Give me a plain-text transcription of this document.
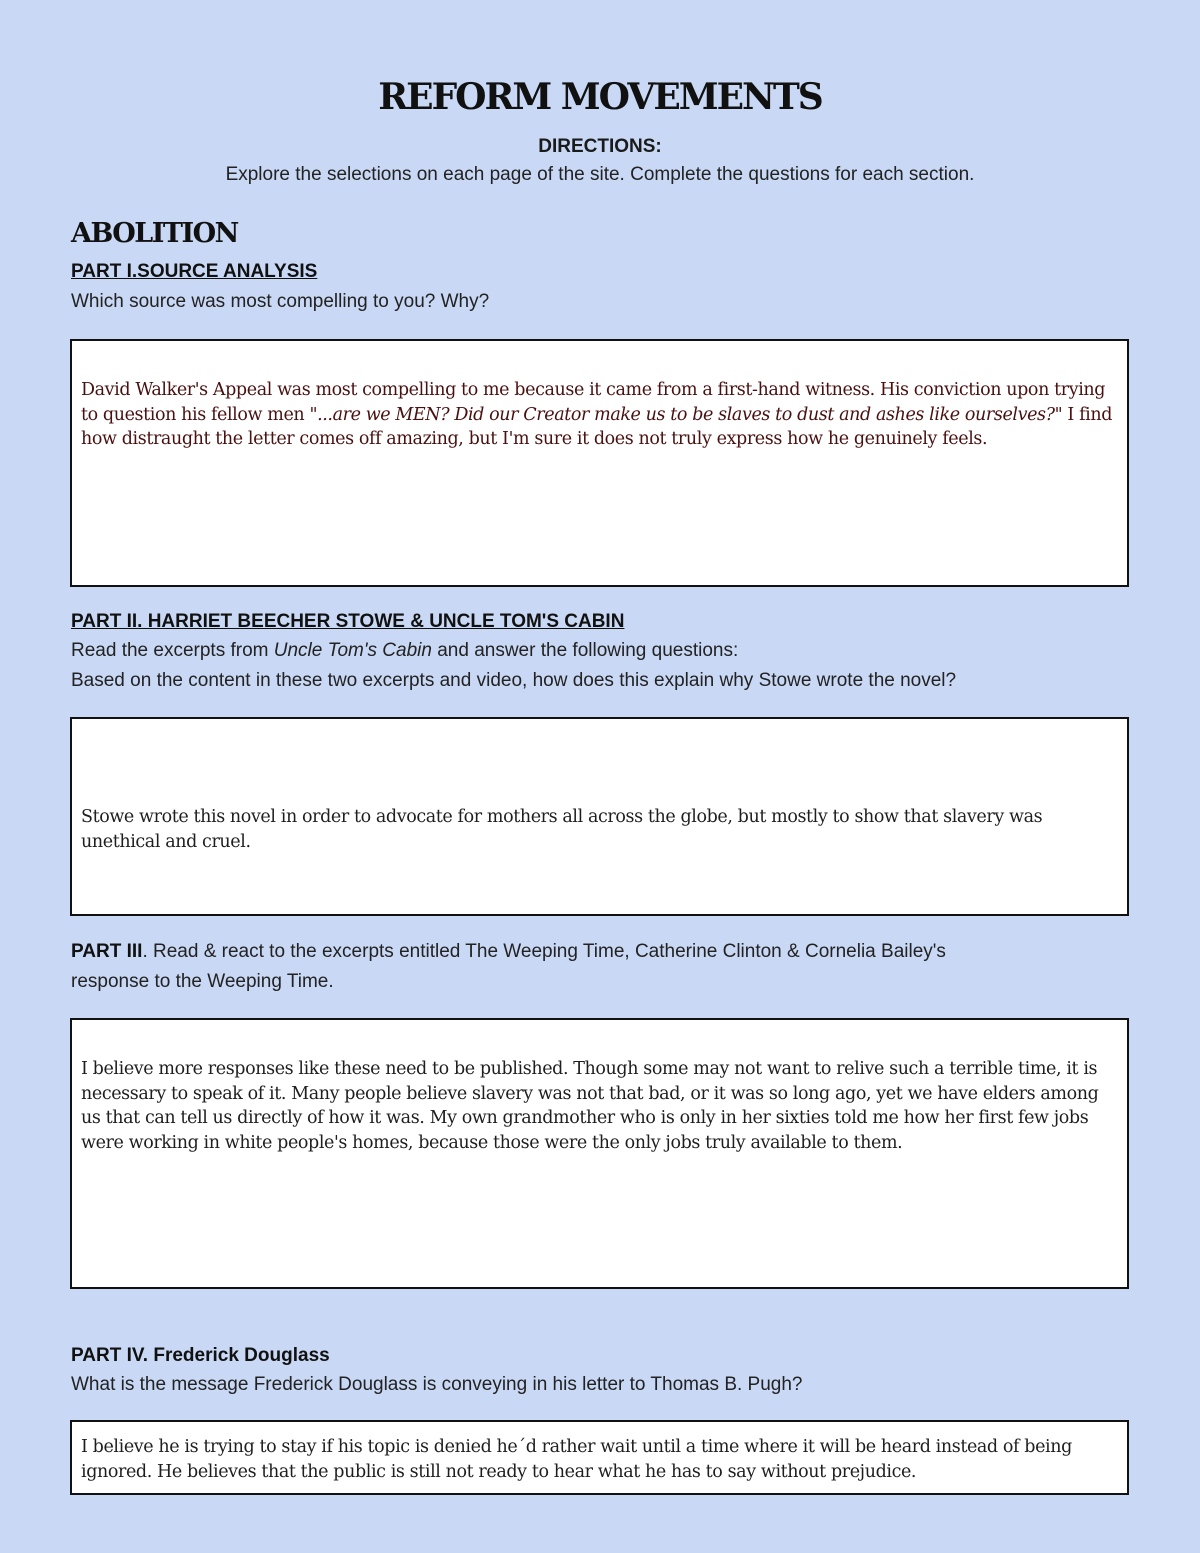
REFORM MOVEMENTS
DIRECTIONS:
Explore the selections on each page of the site. Complete the questions for each section.
ABOLITION
PART I.SOURCE ANALYSIS
Which source was most compelling to you? Why?
David Walker's Appeal was most compelling to me because it came from a first-hand witness. His conviction upon trying to question his fellow men "...are we MEN? Did our Creator make us to be slaves to dust and ashes like ourselves?" I find how distraught the letter comes off amazing, but I'm sure it does not truly express how he genuinely feels.
PART II. HARRIET BEECHER STOWE & UNCLE TOM'S CABIN
Read the excerpts from Uncle Tom's Cabin and answer the following questions:
Based on the content in these two excerpts and video, how does this explain why Stowe wrote the novel?
Stowe wrote this novel in order to advocate for mothers all across the globe, but mostly to show that slavery was unethical and cruel.
PART III. Read & react to the excerpts entitled The Weeping Time, Catherine Clinton & Cornelia Bailey's
response to the Weeping Time.
I believe more responses like these need to be published. Though some may not want to relive such a terrible time, it is necessary to speak of it. Many people believe slavery was not that bad, or it was so long ago, yet we have elders among us that can tell us directly of how it was. My own grandmother who is only in her sixties told me how her first few jobs were working in white people's homes, because those were the only jobs truly available to them.
PART IV. Frederick Douglass
What is the message Frederick Douglass is conveying in his letter to Thomas B. Pugh?
I believe he is trying to stay if his topic is denied he´d rather wait until a time where it will be heard instead of being ignored. He believes that the public is still not ready to hear what he has to say without prejudice.
